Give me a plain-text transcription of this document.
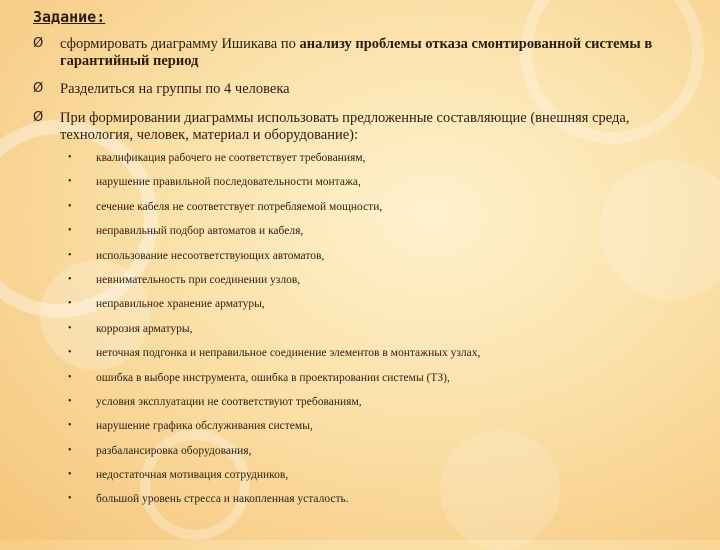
Задание:
Ø сформировать диаграмму Ишикава по анализу проблемы отказа смонтированной системы в гарантийный период
Ø Разделиться на группы по 4 человека
Ø При формировании диаграммы использовать предложенные составляющие (внешняя среда, технология, человек, материал и оборудование):
• квалификация рабочего не соответствует требованиям,
• нарушение правильной последовательности монтажа,
• сечение кабеля не соответствует потребляемой мощности,
• неправильный подбор автоматов и кабеля,
• использование несоответствующих автоматов,
• невнимательность при соединении узлов,
• неправильное хранение арматуры,
• коррозия арматуры,
• неточная подгонка и неправильное соединение элементов в монтажных узлах,
• ошибка в выборе инструмента, ошибка в проектировании системы (ТЗ),
• условия эксплуатации не соответствуют требованиям,
• нарушение графика обслуживания системы,
• разбалансировка оборудования,
• недостаточная мотивация сотрудников,
• большой уровень стресса и накопленная усталость.
